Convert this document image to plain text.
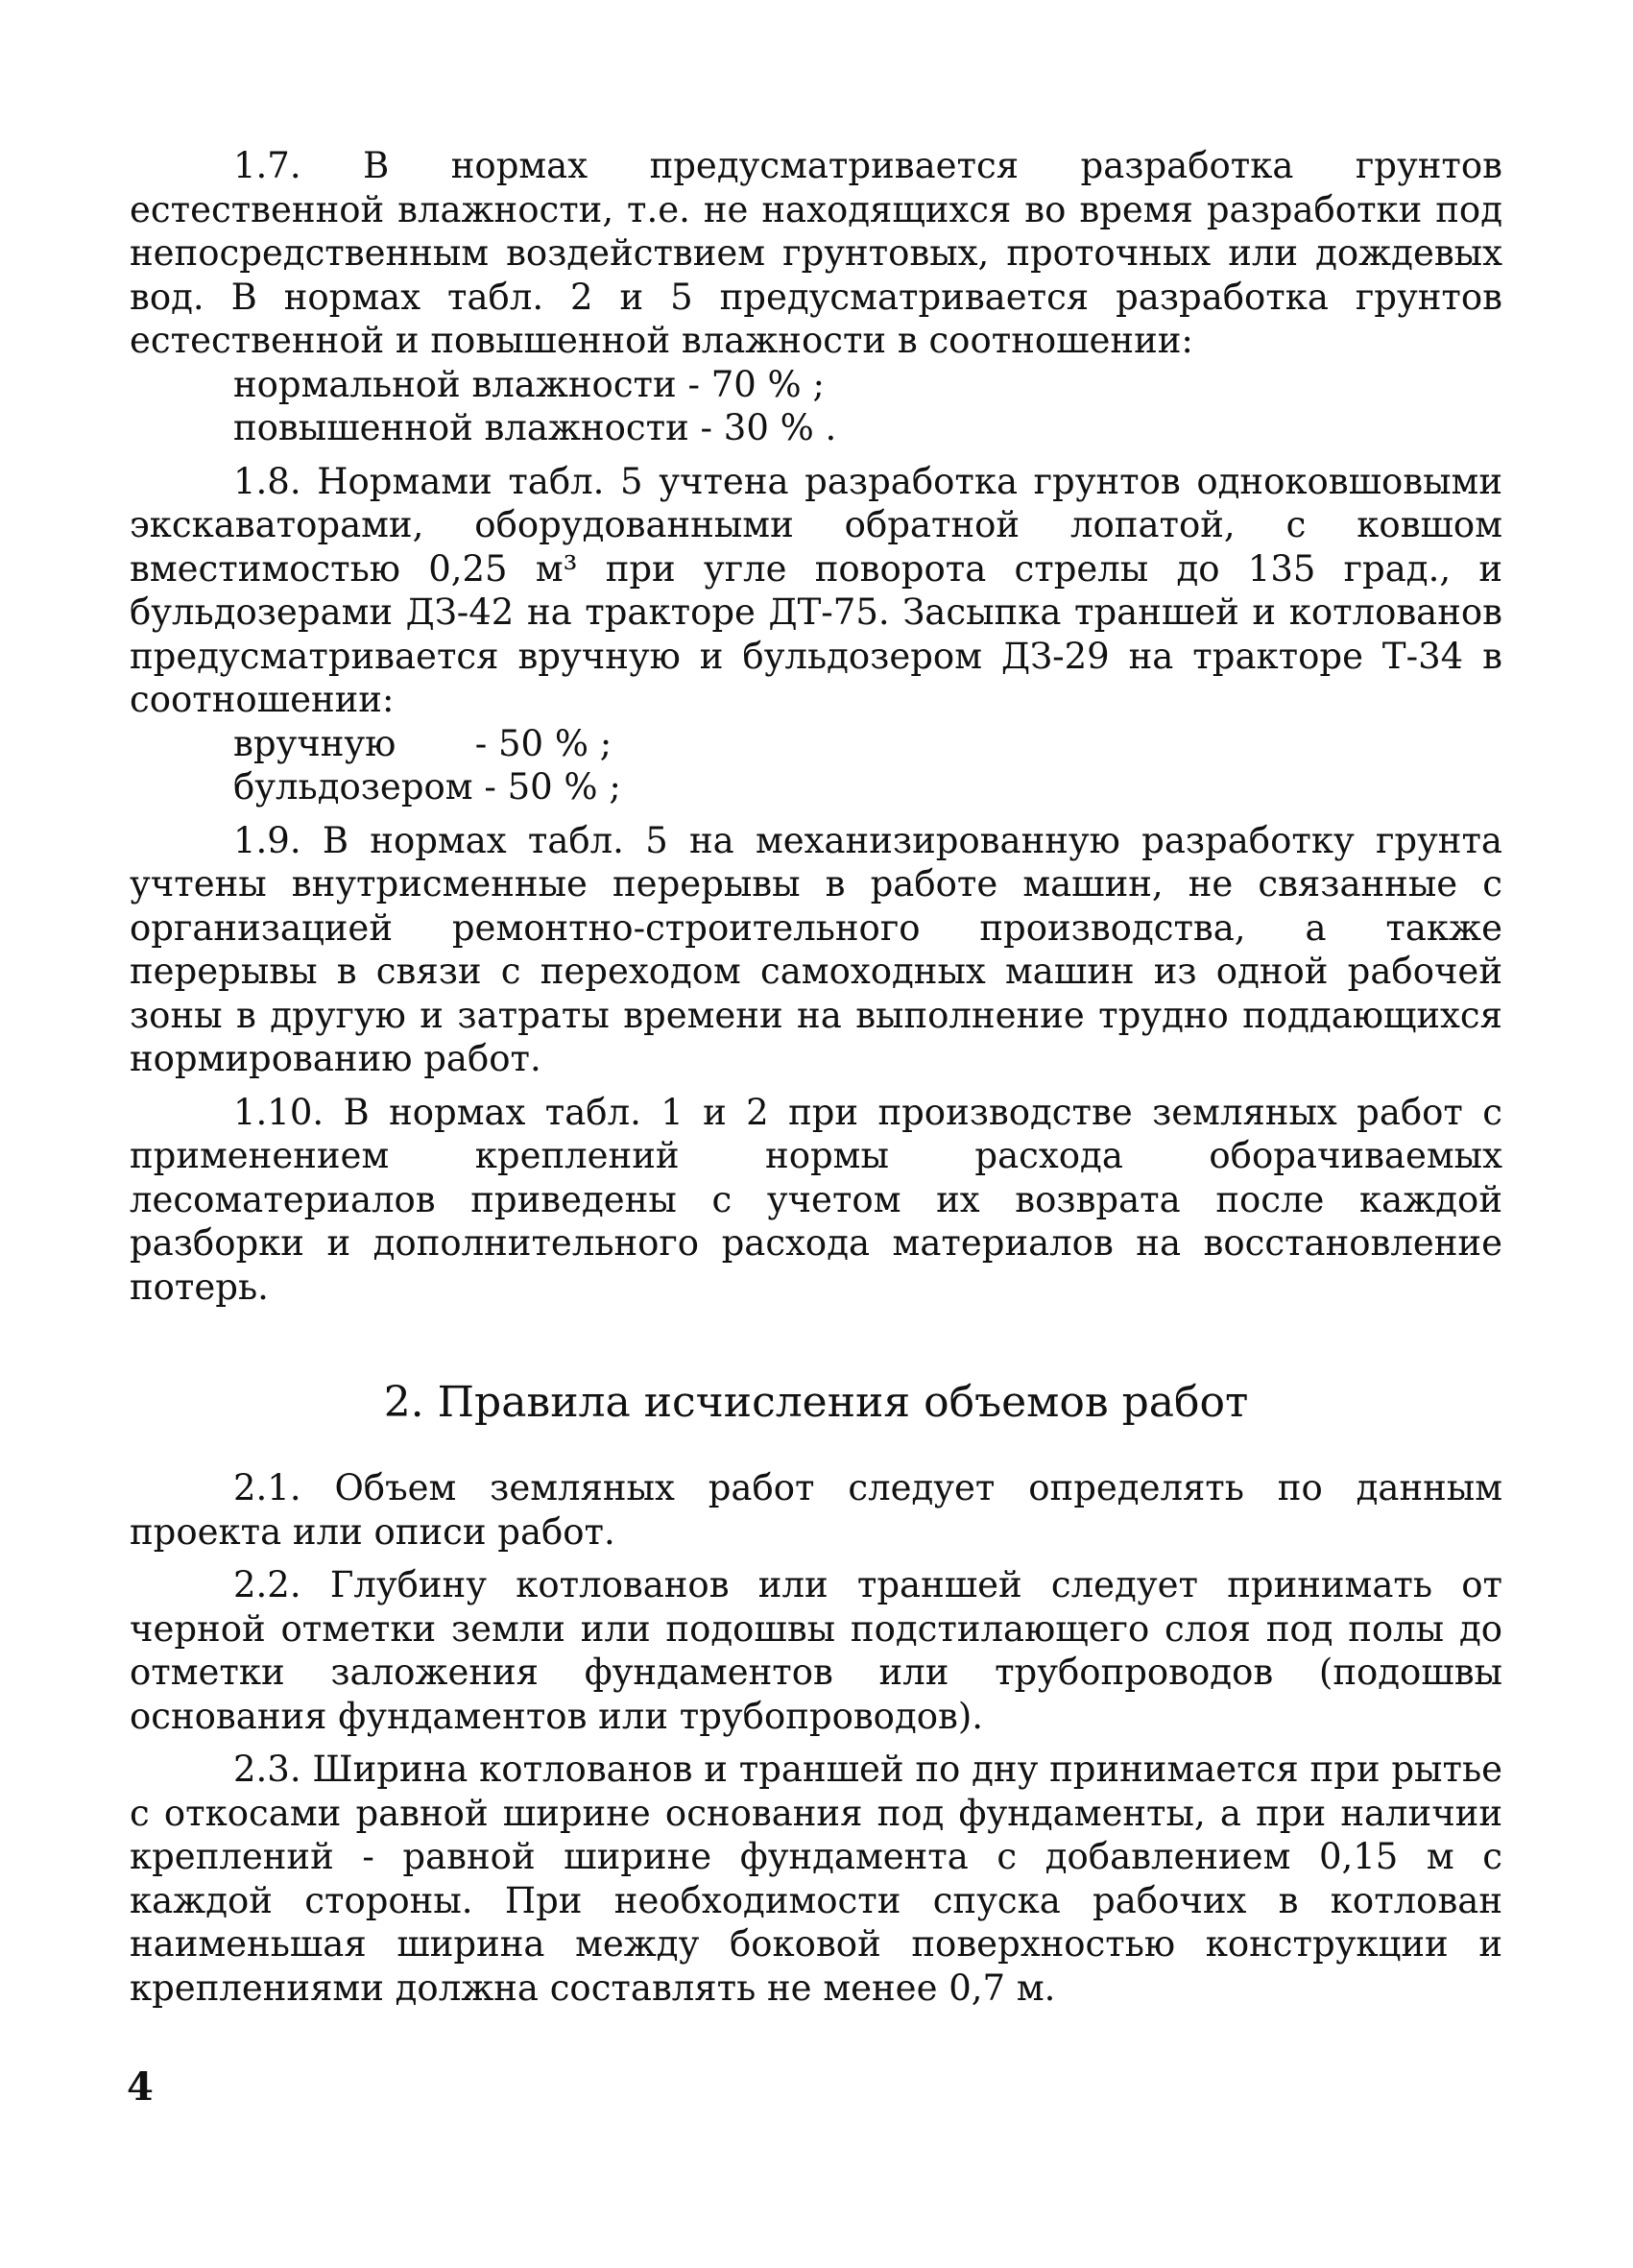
1.7. В нормах предусматривается разработка грунтов естественной влажности, т.е. не находящихся во время разработки под непосредственным воздействием грунтовых, проточных или дождевых вод. В нормах табл. 2 и 5 предусматривается разработка грунтов естественной и повышенной влажности в соотношении:

нормальной влажности - 70 % ;
повышенной влажности - 30 % .

1.8. Нормами табл. 5 учтена разработка грунтов одноковшовыми экскаваторами, оборудованными обратной лопатой, с ковшом вместимостью 0,25 м³ при угле поворота стрелы до 135 град., и бульдозерами ДЗ-42 на тракторе ДТ-75. Засыпка траншей и котлованов предусматривается вручную и бульдозером ДЗ-29 на тракторе Т-34 в соотношении:

вручную       - 50 % ;
бульдозером - 50 % ;

1.9. В нормах табл. 5 на механизированную разработку грунта учтены внутрисменные перерывы в работе машин, не связанные с организацией ремонтно-строительного производства, а также перерывы в связи с переходом самоходных машин из одной рабочей зоны в другую и затраты времени на выполнение трудно поддающихся нормированию работ.

1.10. В нормах табл. 1 и 2 при производстве земляных работ с применением креплений нормы расхода оборачиваемых лесоматериалов приведены с учетом их возврата после каждой разборки и дополнительного расхода материалов на восстановление потерь.

2. Правила исчисления объемов работ

2.1. Объем земляных работ следует определять по данным проекта или описи работ.

2.2. Глубину котлованов или траншей следует принимать от черной отметки земли или подошвы подстилающего слоя под полы до отметки заложения фундаментов или трубопроводов (подошвы основания фундаментов или трубопроводов).

2.3. Ширина котлованов и траншей по дну принимается при рытье с откосами равной ширине основания под фундаменты, а при наличии креплений - равной ширине фундамента с добавлением 0,15 м с каждой стороны. При необходимости спуска рабочих в котлован наименьшая ширина между боковой поверхностью конструкции и креплениями должна составлять не менее 0,7 м.

4
